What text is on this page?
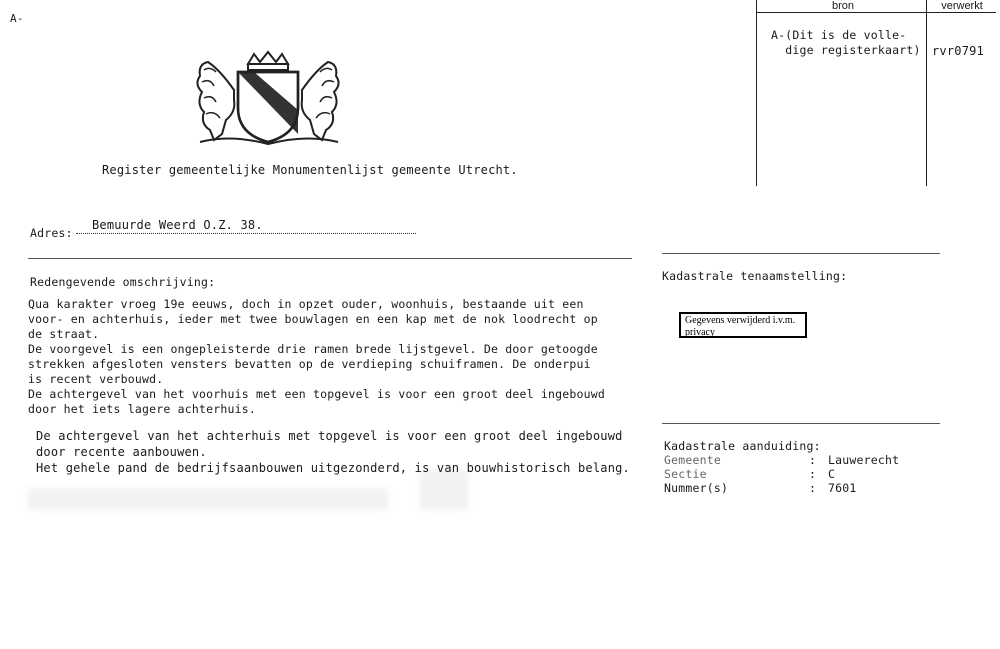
bron	verwerkt
A-(Dit is de volle-
dige registerkaart) rvr0791
A-
Register gemeentelijke Monumentenlijst gemeente Utrecht.
Adres:
Bemuurde Weerd O.Z. 38.
Redengevende omschrijving:
Qua karakter vroeg 19e eeuws, doch in opzet ouder, woonhuis, bestaande uit een
voor- en achterhuis, ieder met twee bouwlagen en een kap met de nok loodrecht op
de straat.
De voorgevel is een ongepleisterde drie ramen brede lijstgevel. De door getoogde
strekken afgesloten vensters bevatten op de verdieping schuiframen. De onderpui
is recent verbouwd.
De achtergevel van het voorhuis met een topgevel is voor een groot deel ingebouwd
door het iets lagere achterhuis.
De achtergevel van het achterhuis met topgevel is voor een groot deel ingebouwd
door recente aanbouwen.
Het gehele pand de bedrijfsaanbouwen uitgezonderd, is van bouwhistorisch belang.
Kadastrale tenaamstelling:
Gegevens verwijderd i.v.m. privacy
Kadastrale aanduiding:
Gemeente	: Lauwerecht
Sectie	: C
Nummer(s)	: 7601
